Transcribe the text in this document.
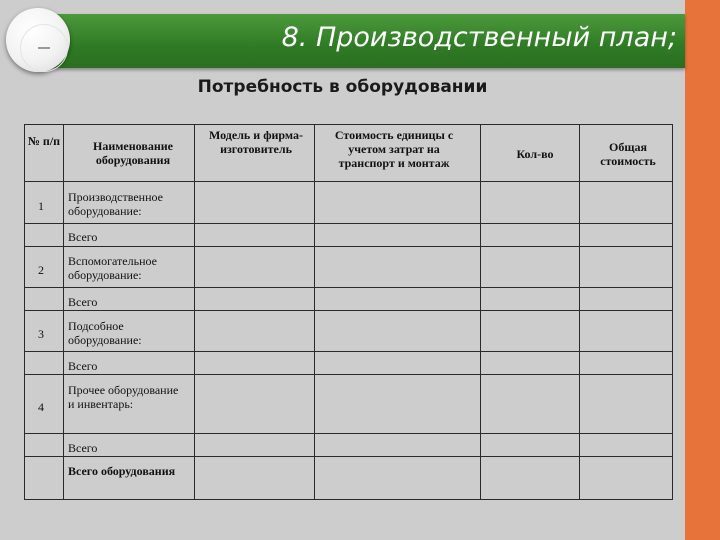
8. Производственный план;
Потребность в оборудовании
№ п/п	Наименование оборудования
Модель и фирма-изготовитель
Стоимость единицы с учетом затрат на транспорт и монтаж
Кол-во	Общая стоимость
1
Производственное оборудование:
Всего
2
Вспомогательное оборудование:
Всего
3
Подсобное оборудование:
Всего
4
Прочее оборудование и инвентарь:
Всего
Всего оборудования
